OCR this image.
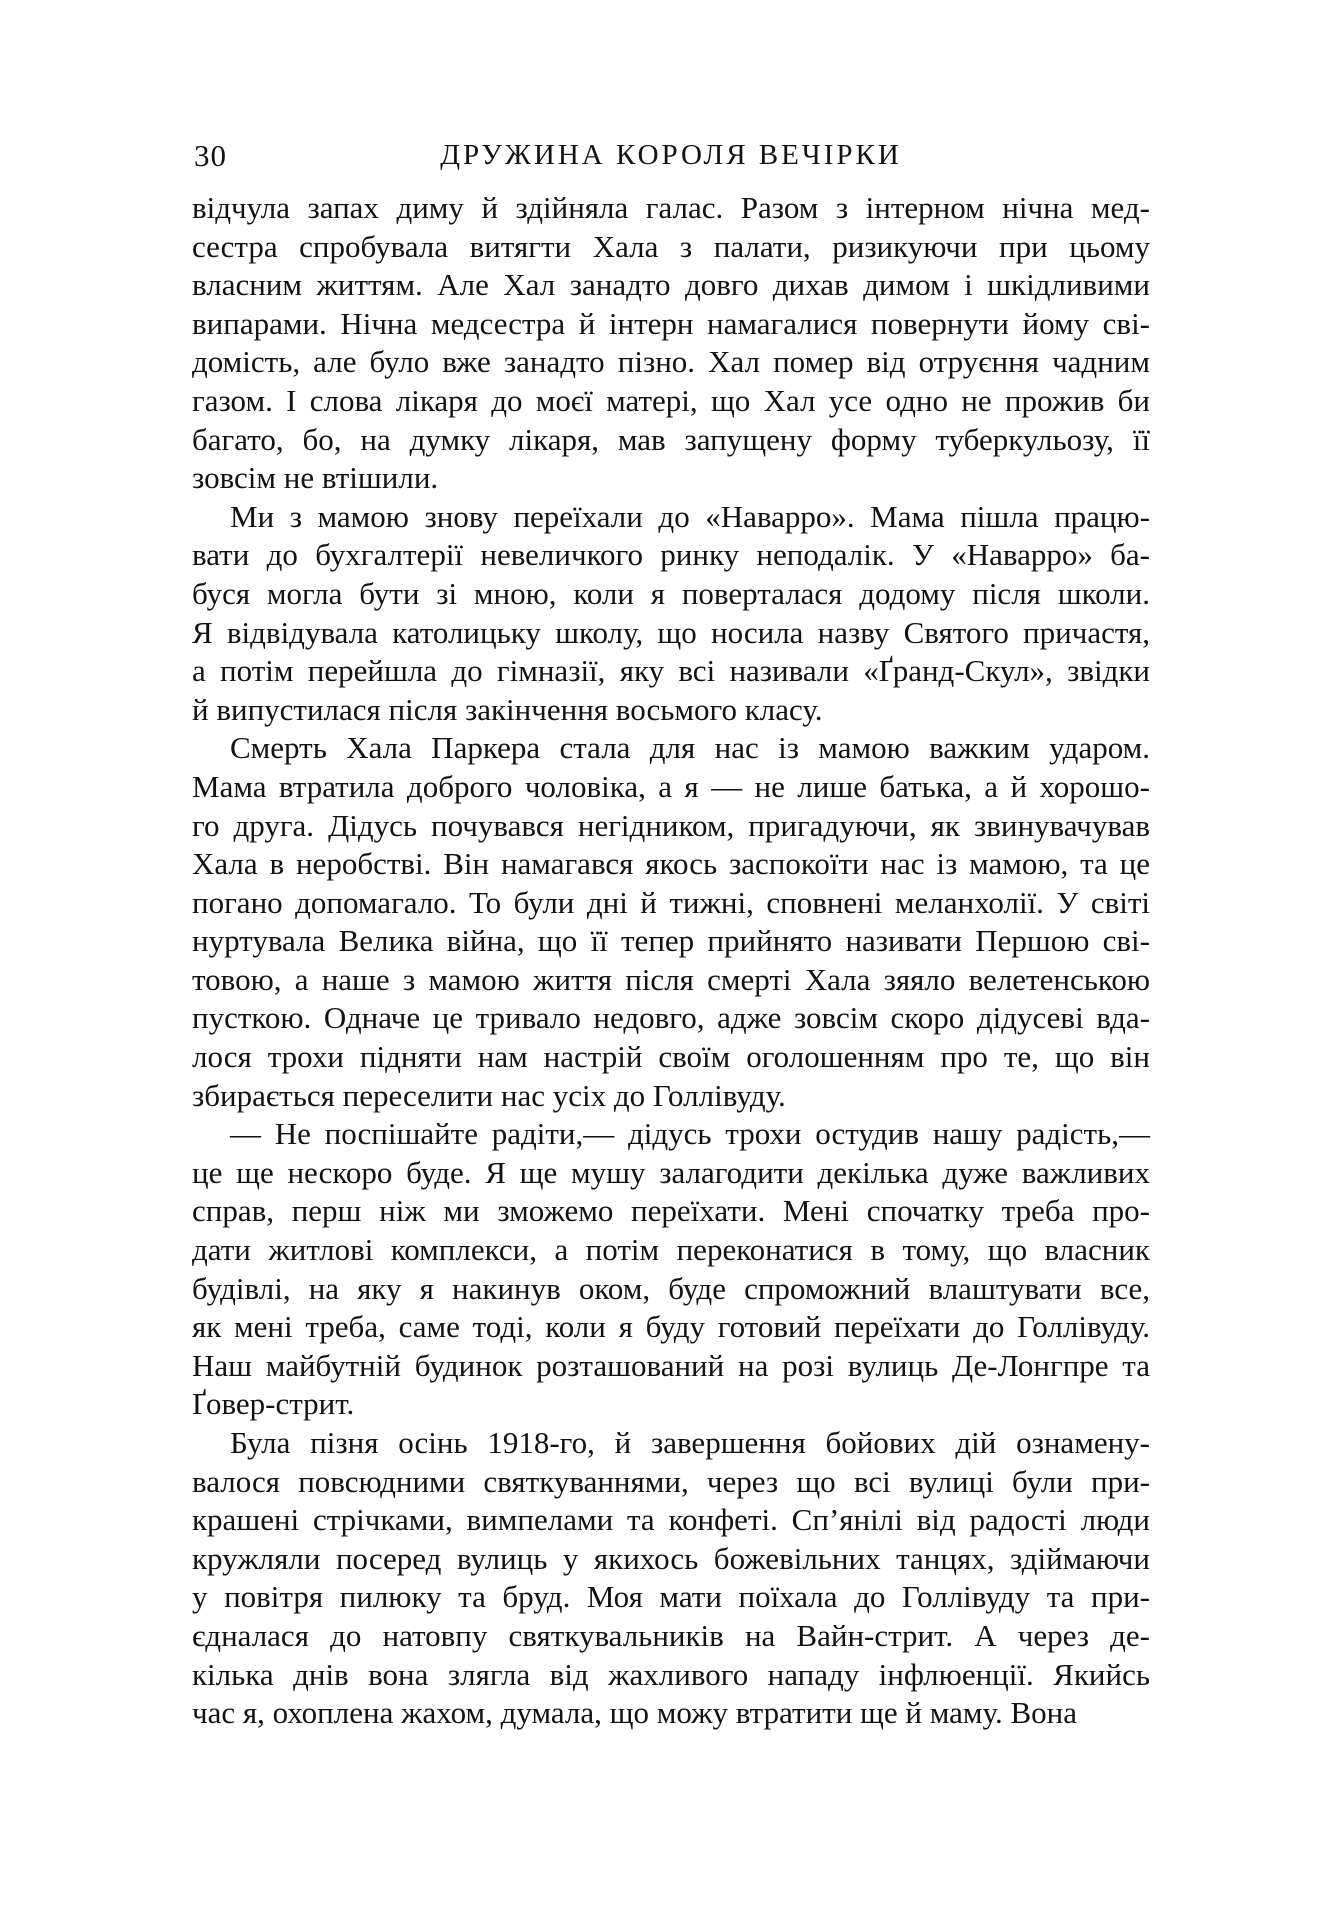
30	ДРУЖИНА КОРОЛЯ ВЕЧІРКИ
відчула запах диму й здійняла галас. Разом з інтерном нічна мед-
сестра спробувала витягти Хала з палати, ризикуючи при цьому
власним життям. Але Хал занадто довго дихав димом і шкідливими
випарами. Нічна медсестра й інтерн намагалися повернути йому сві-
домість, але було вже занадто пізно. Хал помер від отруєння чадним
газом. І слова лікаря до моєї матері, що Хал усе одно не прожив би
багато, бо, на думку лікаря, мав запущену форму туберкульозу, її
зовсім не втішили.
Ми з мамою знову переїхали до «Наварро». Мама пішла працю-
вати до бухгалтерії невеличкого ринку неподалік. У «Наварро» ба-
буся могла бути зі мною, коли я поверталася додому після школи.
Я відвідувала католицьку школу, що носила назву Святого причастя,
а потім перейшла до гімназії, яку всі називали «Ґранд-Скул», звідки
й випустилася після закінчення восьмого класу.
Смерть Хала Паркера стала для нас із мамою важким ударом.
Мама втратила доброго чоловіка, а я — не лише батька, а й хорошо-
го друга. Дідусь почувався негідником, пригадуючи, як звинувачував
Хала в неробстві. Він намагався якось заспокоїти нас із мамою, та це
погано допомагало. То були дні й тижні, сповнені меланхолії. У світі
нуртувала Велика війна, що її тепер прийнято називати Першою сві-
товою, а наше з мамою життя після смерті Хала зяяло велетенською
пусткою. Одначе це тривало недовго, адже зовсім скоро дідусеві вда-
лося трохи підняти нам настрій своїм оголошенням про те, що він
збирається переселити нас усіх до Голлівуду.
— Не поспішайте радіти,— дідусь трохи остудив нашу радість,—
це ще нескоро буде. Я ще мушу залагодити декілька дуже важливих
справ, перш ніж ми зможемо переїхати. Мені спочатку треба про-
дати житлові комплекси, а потім переконатися в тому, що власник
будівлі, на яку я накинув оком, буде спроможний влаштувати все,
як мені треба, саме тоді, коли я буду готовий переїхати до Голлівуду.
Наш майбутній будинок розташований на розі вулиць Де-Лонгпре та
Ґовер-стрит.
Була пізня осінь 1918-го, й завершення бойових дій ознамену-
валося повсюдними святкуваннями, через що всі вулиці були при-
крашені стрічками, вимпелами та конфеті. Сп’янілі від радості люди
кружляли посеред вулиць у якихось божевільних танцях, здіймаючи
у повітря пилюку та бруд. Моя мати поїхала до Голлівуду та при-
єдналася до натовпу святкувальників на Вайн-стрит. А через де-
кілька днів вона злягла від жахливого нападу інфлюенції. Якийсь
час я, охоплена жахом, думала, що можу втратити ще й маму. Вона
